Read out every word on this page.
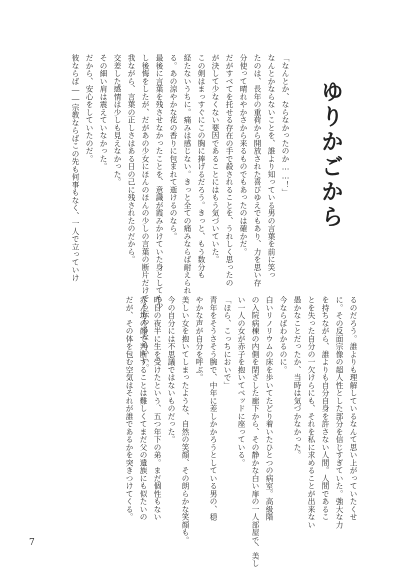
ゆりかごから
「なんとか、ならなかったのか……！」
なんとかならないことを、誰より知っている男の言葉を前に笑っ
たのは、長年の重荷から開放された喜びゆえでもあり、力を思い存
分使って晴れやかさから来るものでもあったのは確かだ。
だがすべてを托せる存在の手で殺されることを、うれしく思ったの
が決して少なくない要因であることにはもう気づいていた。
この剣はまっすぐにこの胸に捧げるだろう。きっと、もう数分も
経たないうちに。痛みは感じない。きっと全ての痛みならば耐えられ
る。あの涼やかな花の香りに包まれて逝けるのなら。
最後に言葉を残させなかったことを、意識が霞みかけていた身としても少
し後悔をしたが、だがあの少女にほんのほんの少しの言葉の断片だけでも伝わるならいい。
我ながら、言葉の正しさはある日の己に残されたのだから。
交差した感情は少しも見えなかった。
その細い肩は震えていなかった。
だから、安心をしていたのだ。
彼ならば――宗教ならばこの先も何事もなく、一人で立っていけ
るのだろう。誰よりも理解しているなんて思い上がっていたくせ
に。その反面宗像の超人性とした部分を信じすぎていた。強大な力
を持ちながら、誰よりも自分自身を許さない人間。人間であるこ
とを失った自分の一欠けらにも、それを私に求めることが出来ない
愚かなことだったか、当時は気づかなかった。
今ならばわかるのに。
白いリノリウムの床を歩いてたどり着いたひとつの病室。高級階
の入院病棟の内側を閉ざした廊下から、その静かな白い扉の一人部屋で、美し
い一人の女が赤子を抱いてベッドに座っている。
「ほら、こっちにおいで」
青年をそうさそう腕で、中年に差しかかろうとしている男の、穏
やかな声が自分を呼ぶ。
美しい女を抱いてしまったような、自然の笑顔、その朗らかな笑顔も。
今の自分には不思議ではないものだった。
昨日の夜半に生を受けたという、五つ年下の弟。まだ個性もない
赤ん坊の顔で判断することは難しくてまだ父の遺族にも似たいの
だが、その体を包む空気はそれが誰であるかを突きつけてくる。
7
